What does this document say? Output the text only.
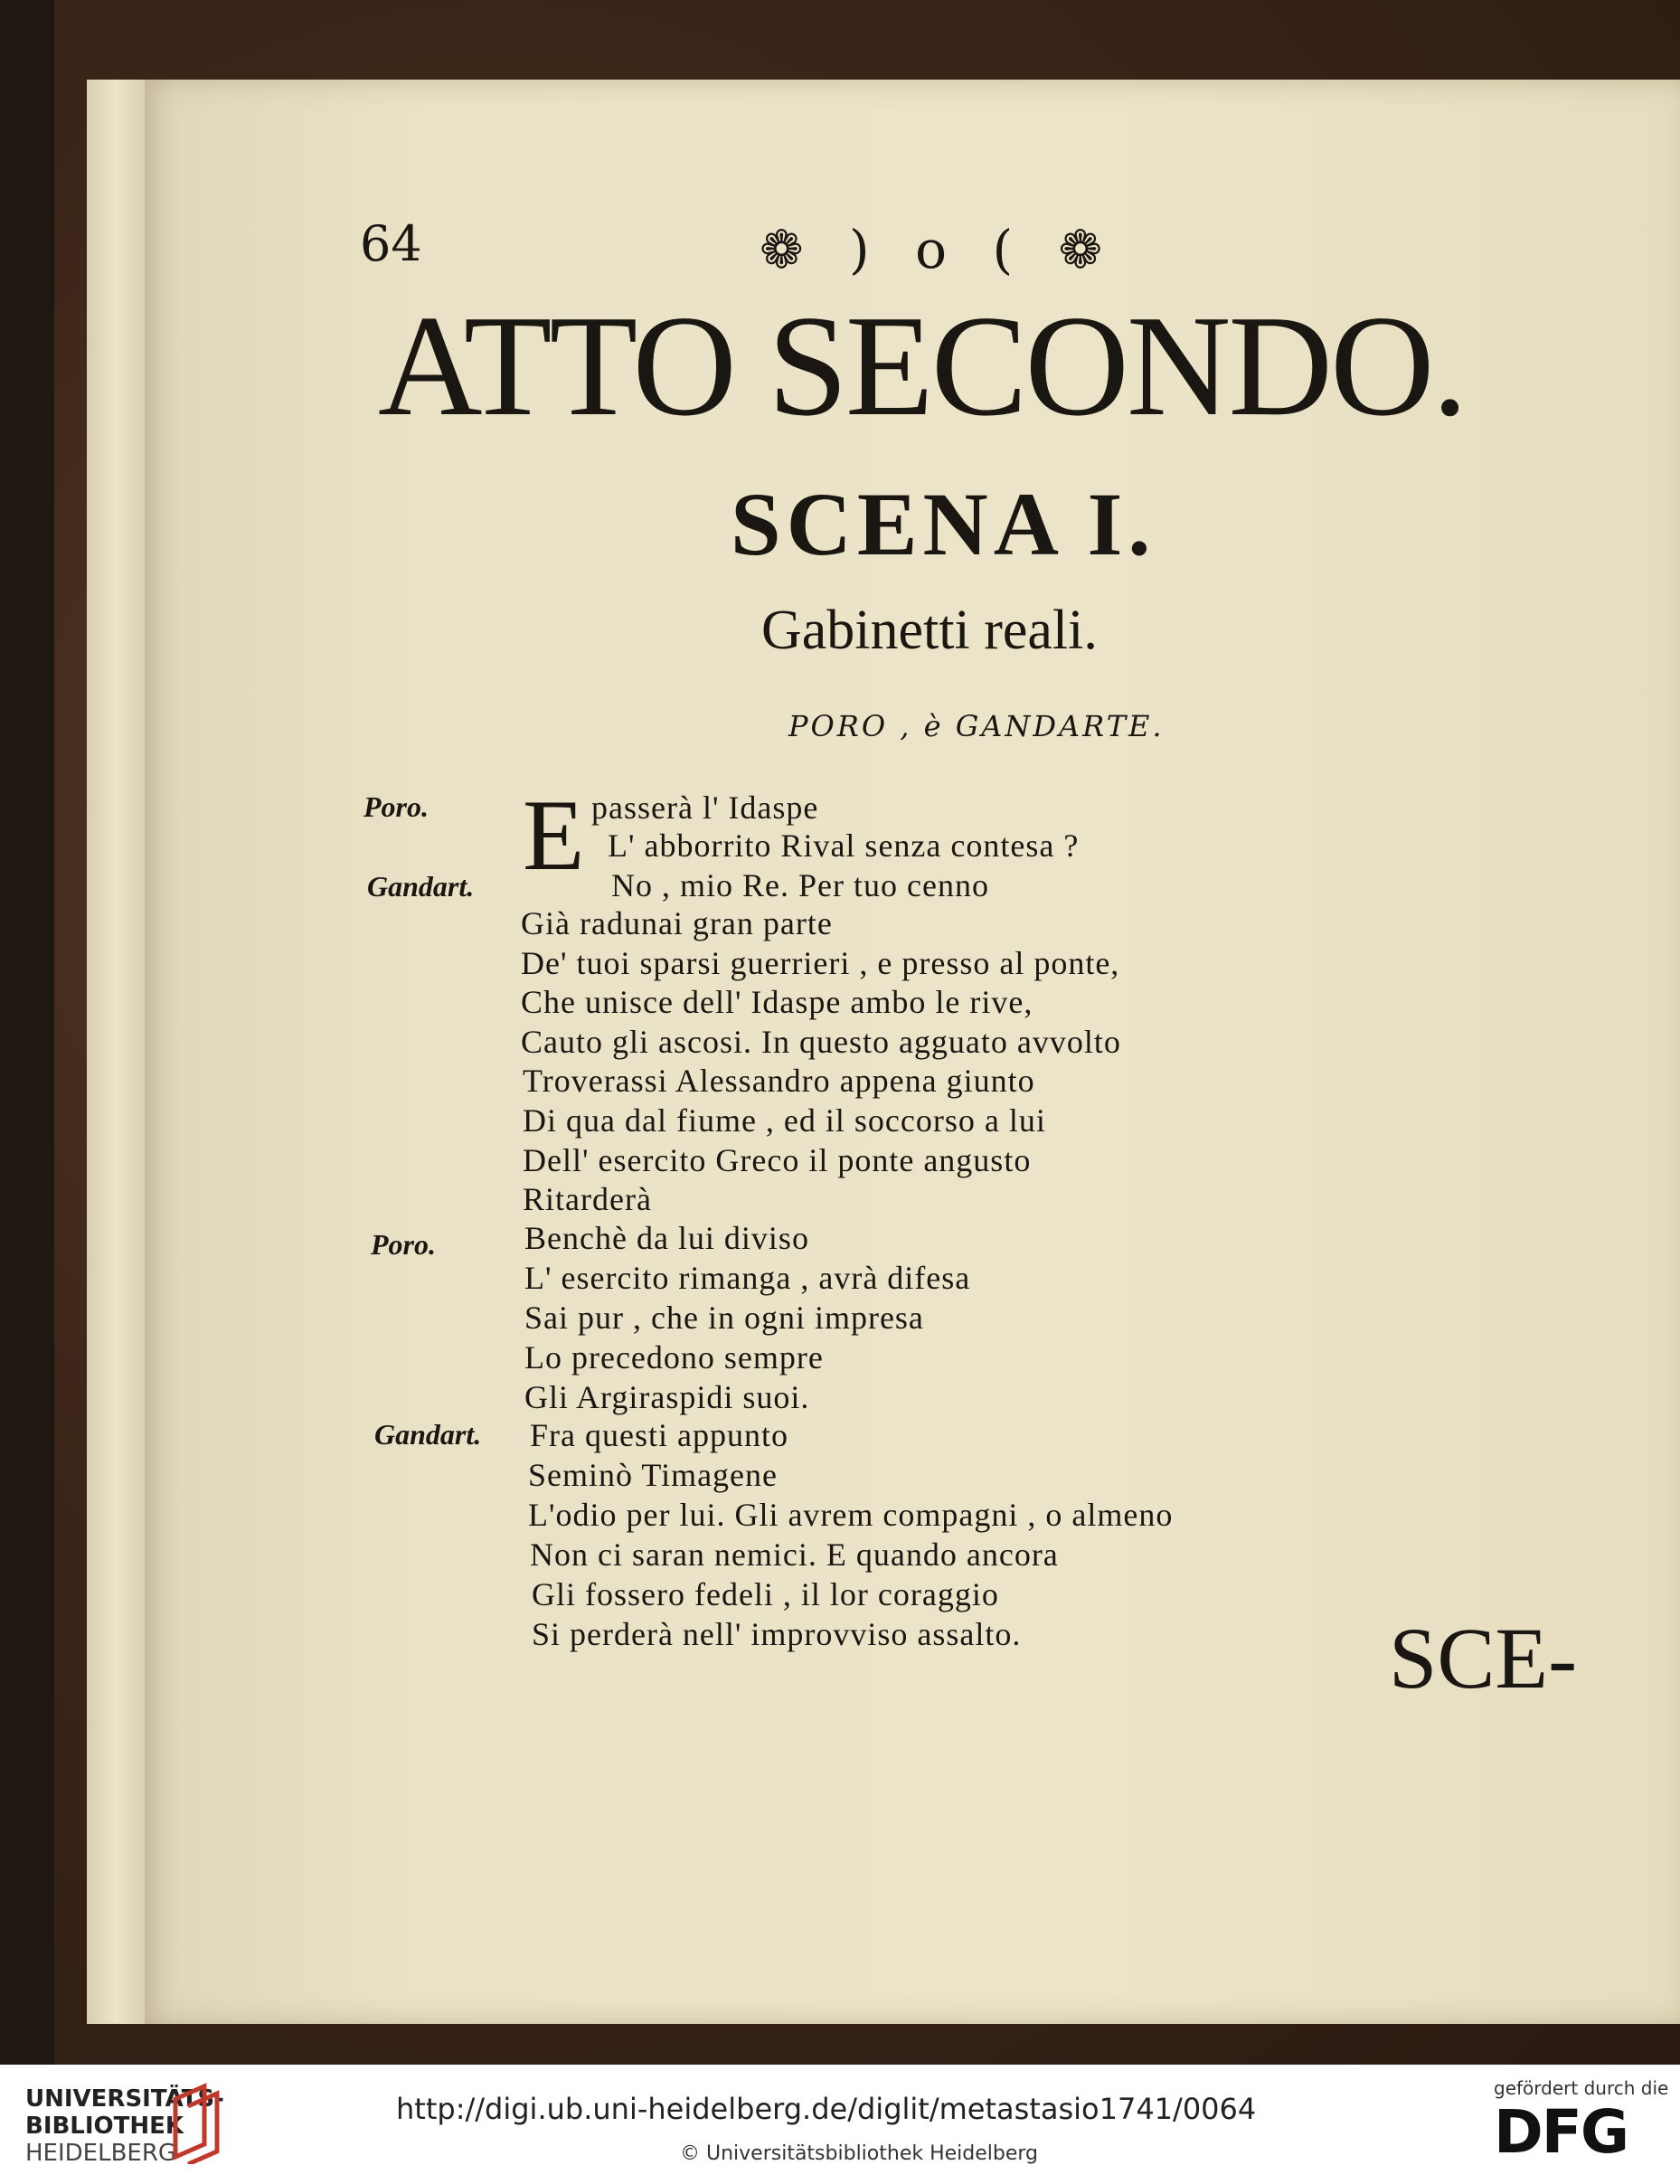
64	❁ ) o ( ❁
ATTO SECONDO.
SCENA I.
Gabinetti reali.
PORO , è GANDARTE.
Poro.
Gandart.
Poro.
Gandart.
E passerà l' Idaspe
L' abborrito Rival senza contesa ?
No , mio Re. Per tuo cenno
Già radunai gran parte
De' tuoi sparsi guerrieri , e presso al ponte,
Che unisce dell' Idaspe ambo le rive,
Cauto gli ascosi. In questo agguato avvolto
Troverassi Alessandro appena giunto
Di qua dal fiume , ed il soccorso a lui
Dell' esercito Greco il ponte angusto
Ritarderà
Benchè da lui diviso
L' esercito rimanga , avrà difesa
Sai pur , che in ogni impresa
Lo precedono sempre
Gli Argiraspidi suoi.
Fra questi appunto
Seminò Timagene
L'odio per lui. Gli avrem compagni , o almeno
Non ci saran nemici. E quando ancora
Gli fossero fedeli , il lor coraggio
Si perderà nell' improvviso assalto.	SCE-
UNIVERSITÄTS-
BIBLIOTHEK
HEIDELBERG
http://digi.ub.uni-heidelberg.de/diglit/metastasio1741/0064
© Universitätsbibliothek Heidelberg
gefördert durch die
DFG
